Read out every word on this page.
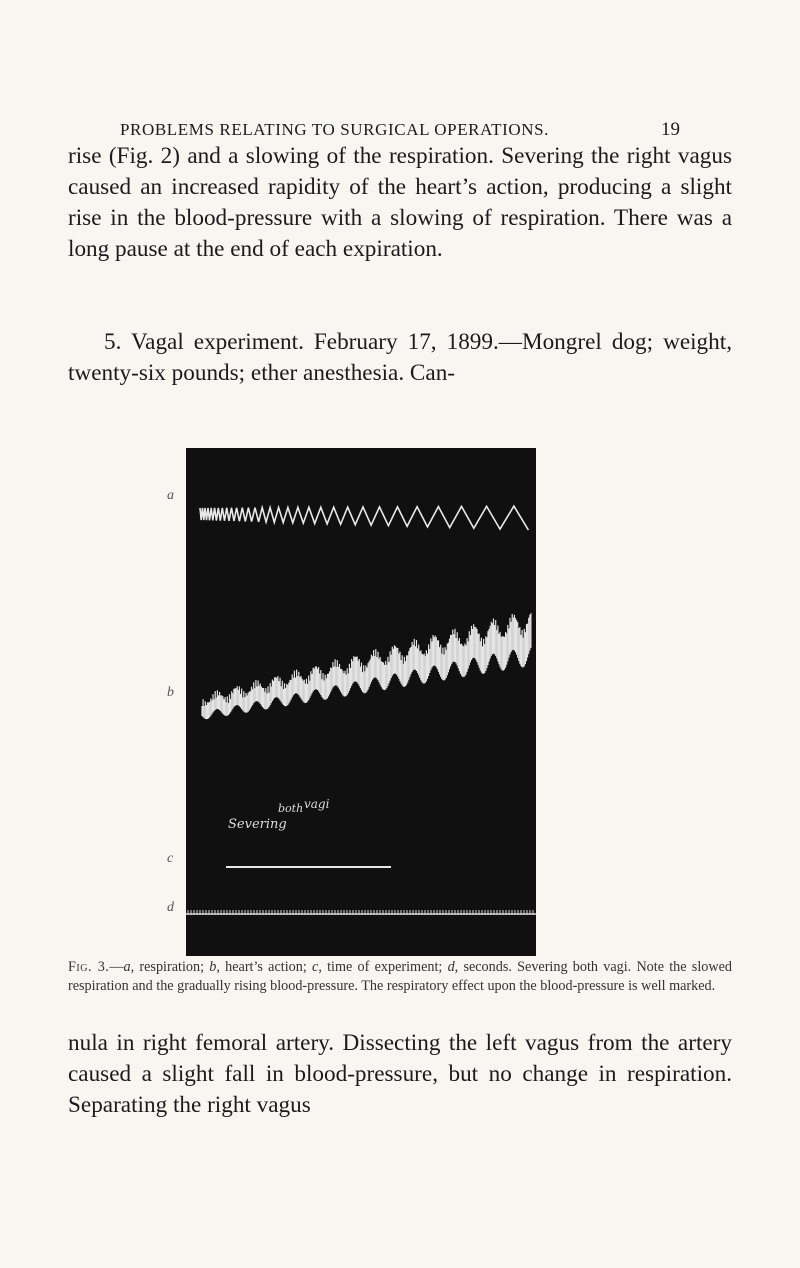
PROBLEMS RELATING TO SURGICAL OPERATIONS.	19

rise (Fig. 2) and a slowing of the respiration. Severing the right vagus caused an increased rapidity of the heart’s action, producing a slight rise in the blood-pressure with a slowing of respiration. There was a long pause at the end of each expiration.

5. Vagal experiment. February 17, 1899.—Mongrel dog; weight, twenty-six pounds; ether anesthesia. Can-

a
b
c
d
Severing
both vagi

Fig. 3.—a, respiration; b, heart’s action; c, time of experiment; d, seconds. Severing both vagi. Note the slowed respiration and the gradually rising blood-pressure. The respiratory effect upon the blood-pressure is well marked.

nula in right femoral artery. Dissecting the left vagus from the artery caused a slight fall in blood-pressure, but no change in respiration. Separating the right vagus
